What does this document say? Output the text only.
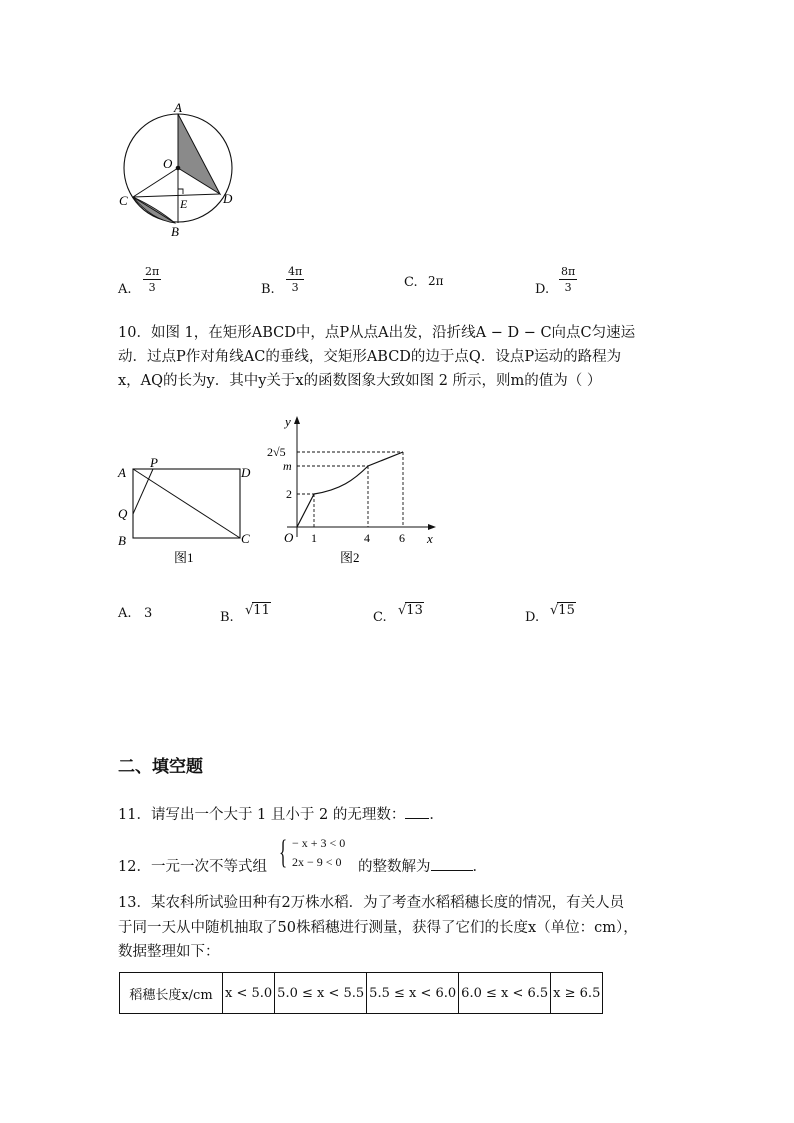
A
O
C	D
E
B
A. $\frac{2\pi}{3}$	B. $\frac{4\pi}{3}$	C. 2π
D. $\frac{8\pi}{3}$
10．如图 1，在矩形ABCD中，点P从点A出发，沿折线A − D − C向点C匀速运
动．过点P作对角线AC的垂线，交矩形ABCD的边于点Q．设点P运动的路程为
x，AQ的长为y．其中y关于x的函数图象大致如图 2 所示，则m的值为（ ）
A
P
D
Q
B	C
图1
y
x
O
2√5
m
2
1	4 6
图2
A. 3	B. √11	C. √13	D. √15
二、填空题
11．请写出一个大于 1 且小于 2 的无理数： ．
12．一元一次不等式组 { − x + 3 < 0
2x − 9 < 0 的整数解为	．
13．某农科所试验田种有2万株水稻．为了考查水稻稻穗长度的情况，有关人员
于同一天从中随机抽取了50株稻穗进行测量，获得了它们的长度x（单位：cm），
数据整理如下：
稻穗长度x/cm	x < 5.0	5.0 ≤ x < 5.5	5.5 ≤ x < 6.0	6.0 ≤ x < 6.5	x ≥ 6.5
